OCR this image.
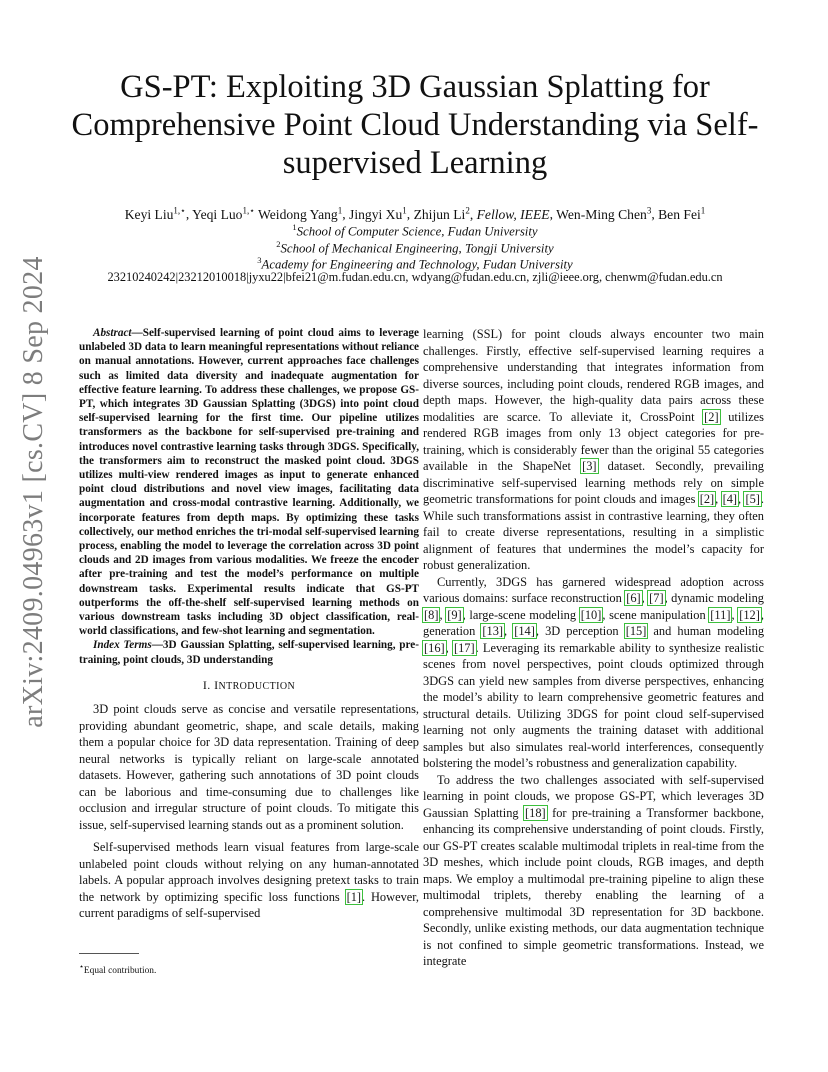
arXiv:2409.04963v1 [cs.CV] 8 Sep 2024
GS-PT: Exploiting 3D Gaussian Splatting for Comprehensive Point Cloud Understanding via Self-supervised Learning
Keyi Liu$^{1,⋆}$, Yeqi Luo$^{1,⋆}$ Weidong Yang$^1$, Jingyi Xu$^1$, Zhijun Li$^2$, Fellow, IEEE, Wen-Ming Chen$^3$, Ben Fei$^1$
$^1$School of Computer Science, Fudan University
$^2$School of Mechanical Engineering, Tongji University
$^3$Academy for Engineering and Technology, Fudan University
23210240242|23212010018|jyxu22|bfei21@m.fudan.edu.cn, wdyang@fudan.edu.cn, zjli@ieee.org, chenwm@fudan.edu.cn

Abstract—Self-supervised learning of point cloud aims to leverage unlabeled 3D data to learn meaningful representations without reliance on manual annotations. However, current approaches face challenges such as limited data diversity and inadequate augmentation for effective feature learning. To address these challenges, we propose GS-PT, which integrates 3D Gaussian Splatting (3DGS) into point cloud self-supervised learning for the first time. Our pipeline utilizes transformers as the backbone for self-supervised pre-training and introduces novel contrastive learning tasks through 3DGS. Specifically, the transformers aim to reconstruct the masked point cloud. 3DGS utilizes multi-view rendered images as input to generate enhanced point cloud distributions and novel view images, facilitating data augmentation and cross-modal contrastive learning. Additionally, we incorporate features from depth maps. By optimizing these tasks collectively, our method enriches the tri-modal self-supervised learning process, enabling the model to leverage the correlation across 3D point clouds and 2D images from various modalities. We freeze the encoder after pre-training and test the model’s performance on multiple downstream tasks. Experimental results indicate that GS-PT outperforms the off-the-shelf self-supervised learning methods on various downstream tasks including 3D object classification, real-world classifications, and few-shot learning and segmentation.

Index Terms—3D Gaussian Splatting, self-supervised learning, pre-training, point clouds, 3D understanding

I. INTRODUCTION

3D point clouds serve as concise and versatile representations, providing abundant geometric, shape, and scale details, making them a popular choice for 3D data representation. Training of deep neural networks is typically reliant on large-scale annotated datasets. However, gathering such annotations of 3D point clouds can be laborious and time-consuming due to challenges like occlusion and irregular structure of point clouds. To mitigate this issue, self-supervised learning stands out as a prominent solution.

Self-supervised methods learn visual features from large-scale unlabeled point clouds without relying on any human-annotated labels. A popular approach involves designing pretext tasks to train the network by optimizing specific loss functions [1]. However, current paradigms of self-supervised

learning (SSL) for point clouds always encounter two main challenges. Firstly, effective self-supervised learning requires a comprehensive understanding that integrates information from diverse sources, including point clouds, rendered RGB images, and depth maps. However, the high-quality data pairs across these modalities are scarce. To alleviate it, CrossPoint [2] utilizes rendered RGB images from only 13 object categories for pre-training, which is considerably fewer than the original 55 categories available in the ShapeNet [3] dataset. Secondly, prevailing discriminative self-supervised learning methods rely on simple geometric transformations for point clouds and images [2], [4], [5]. While such transformations assist in contrastive learning, they often fail to create diverse representations, resulting in a simplistic alignment of features that undermines the model’s capacity for robust generalization.

Currently, 3DGS has garnered widespread adoption across various domains: surface reconstruction [6], [7], dynamic modeling [8], [9], large-scene modeling [10], scene manipulation [11], [12], generation [13], [14], 3D perception [15] and human modeling [16], [17]. Leveraging its remarkable ability to synthesize realistic scenes from novel perspectives, point clouds optimized through 3DGS can yield new samples from diverse perspectives, enhancing the model’s ability to learn comprehensive geometric features and structural details. Utilizing 3DGS for point cloud self-supervised learning not only augments the training dataset with additional samples but also simulates real-world interferences, consequently bolstering the model’s robustness and generalization capability.

To address the two challenges associated with self-supervised learning in point clouds, we propose GS-PT, which leverages 3D Gaussian Splatting [18] for pre-training a Transformer backbone, enhancing its comprehensive understanding of point clouds. Firstly, our GS-PT creates scalable multimodal triplets in real-time from the 3D meshes, which include point clouds, RGB images, and depth maps. We employ a multimodal pre-training pipeline to align these multimodal triplets, thereby enabling the learning of a comprehensive multimodal 3D representation for 3D backbone. Secondly, unlike existing methods, our data augmentation technique is not confined to simple geometric transformations. Instead, we integrate

⋆Equal contribution.
